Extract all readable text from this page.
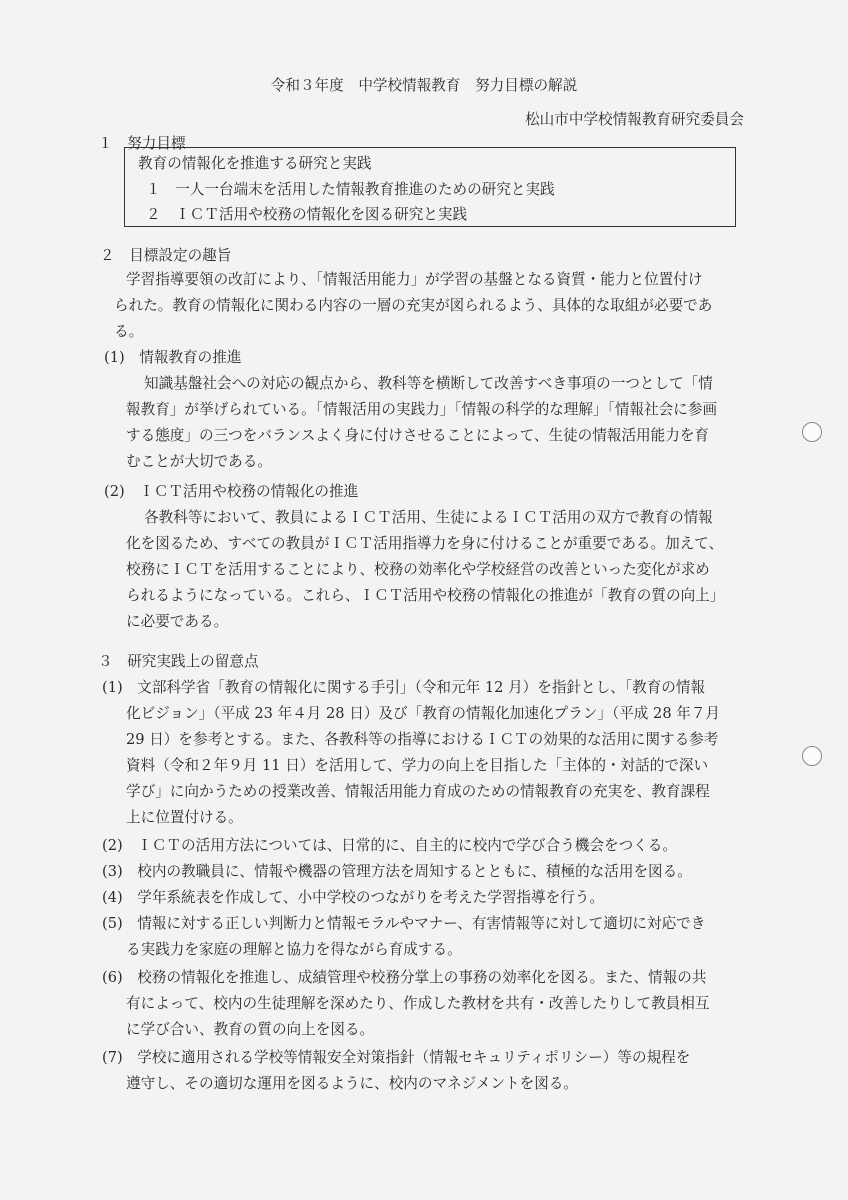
令和３年度　中学校情報教育　努力目標の解説
松山市中学校情報教育研究委員会
１　努力目標
教育の情報化を推進する研究と実践
１　一人一台端末を活用した情報教育推進のための研究と実践
２　ＩＣＴ活用や校務の情報化を図る研究と実践
２　目標設定の趣旨
学習指導要領の改訂により、「情報活用能力」が学習の基盤となる資質・能力と位置付け
られた。教育の情報化に関わる内容の一層の充実が図られるよう、具体的な取組が必要であ
る。
(1)　情報教育の推進
知識基盤社会への対応の観点から、教科等を横断して改善すべき事項の一つとして「情
報教育」が挙げられている。「情報活用の実践力」「情報の科学的な理解」「情報社会に参画
する態度」の三つをバランスよく身に付けさせることによって、生徒の情報活用能力を育
むことが大切である。
(2)　ＩＣＴ活用や校務の情報化の推進
各教科等において、教員によるＩＣＴ活用、生徒によるＩＣＴ活用の双方で教育の情報
化を図るため、すべての教員がＩＣＴ活用指導力を身に付けることが重要である。加えて、
校務にＩＣＴを活用することにより、校務の効率化や学校経営の改善といった変化が求め
られるようになっている。これら、ＩＣＴ活用や校務の情報化の推進が「教育の質の向上」
に必要である。
３　研究実践上の留意点
(1)　文部科学省「教育の情報化に関する手引」（令和元年 12 月）を指針とし、「教育の情報
化ビジョン」（平成 23 年４月 28 日）及び「教育の情報化加速化プラン」（平成 28 年７月
29 日）を参考とする。また、各教科等の指導におけるＩＣＴの効果的な活用に関する参考
資料（令和２年９月 11 日）を活用して、学力の向上を目指した「主体的・対話的で深い
学び」に向かうための授業改善、情報活用能力育成のための情報教育の充実を、教育課程
上に位置付ける。
(2)　ＩＣＴの活用方法については、日常的に、自主的に校内で学び合う機会をつくる。
(3)　校内の教職員に、情報や機器の管理方法を周知するとともに、積極的な活用を図る。
(4)　学年系統表を作成して、小中学校のつながりを考えた学習指導を行う。
(5)　情報に対する正しい判断力と情報モラルやマナー、有害情報等に対して適切に対応でき
る実践力を家庭の理解と協力を得ながら育成する。
(6)　校務の情報化を推進し、成績管理や校務分掌上の事務の効率化を図る。また、情報の共
有によって、校内の生徒理解を深めたり、作成した教材を共有・改善したりして教員相互
に学び合い、教育の質の向上を図る。
(7)　学校に適用される学校等情報安全対策指針（情報セキュリティポリシー）等の規程を
遵守し、その適切な運用を図るように、校内のマネジメントを図る。
